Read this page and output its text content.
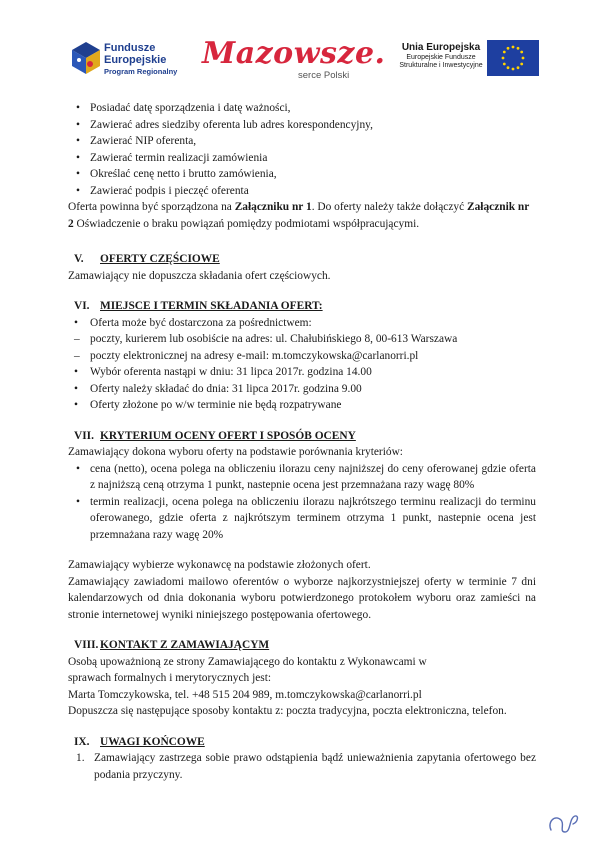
Fundusze
Europejskie
Program Regionalny
Mazowsze.
serce Polski
Unia Europejska
Europejskie Fundusze
Strukturalne i Inwestycyjne
• Posiadać datę sporządzenia i datę ważności,
• Zawierać adres siedziby oferenta lub adres korespondencyjny,
• Zawierać NIP oferenta,
• Zawierać termin realizacji zamówienia
• Określać cenę netto i brutto zamówienia,
• Zawierać podpis i pieczęć oferenta

Oferta powinna być sporządzona na Załączniku nr 1. Do oferty należy także dołączyć Załącznik nr 2 Oświadczenie o braku powiązań pomiędzy podmiotami współpracującymi.

V. OFERTY CZĘŚCIOWE

Zamawiający nie dopuszcza składania ofert częściowych.

VI. MIEJSCE I TERMIN SKŁADANIA OFERT:

• Oferta może być dostarczona za pośrednictwem:
– poczty, kurierem lub osobiście na adres: ul. Chałubińskiego 8, 00-613 Warszawa
– poczty elektronicznej na adresy e-mail: m.tomczykowska@carlanorri.pl
• Wybór oferenta nastąpi w dniu: 31 lipca 2017r. godzina 14.00
• Oferty należy składać do dnia: 31 lipca 2017r. godzina 9.00
• Oferty złożone po w/w terminie nie będą rozpatrywane

VII. KRYTERIUM OCENY OFERT I SPOSÓB OCENY

Zamawiający dokona wyboru oferty na podstawie porównania kryteriów:

• cena (netto), ocena polega na obliczeniu ilorazu ceny najniższej do ceny oferowanej gdzie oferta z najniższą ceną otrzyma 1 punkt, nastepnie ocena jest przemnażana razy wagę 80%
• termin realizacji, ocena polega na obliczeniu ilorazu najkrótszego terminu realizacji do terminu oferowanego, gdzie oferta z najkrótszym terminem otrzyma 1 punkt, nastepnie ocena jest przemnażana razy wagę 20%

Zamawiający wybierze wykonawcę na podstawie złożonych ofert.

Zamawiający zawiadomi mailowo oferentów o wyborze najkorzystniejszej oferty w terminie 7 dni kalendarzowych od dnia dokonania wyboru potwierdzonego protokołem wyboru oraz zamieści na stronie internetowej wyniki niniejszego postępowania ofertowego.

VIII. KONTAKT Z ZAMAWIAJĄCYM

Osobą upoważnioną ze strony Zamawiającego do kontaktu z Wykonawcami w sprawach formalnych i merytorycznych jest:

Marta Tomczykowska, tel. +48 515 204 989, m.tomczykowska@carlanorri.pl

Dopuszcza się następujące sposoby kontaktu z: poczta tradycyjna, poczta elektroniczna, telefon.

IX. UWAGI KOŃCOWE

1. Zamawiający zastrzega sobie prawo odstąpienia bądź unieważnienia zapytania ofertowego bez podania przyczyny.
